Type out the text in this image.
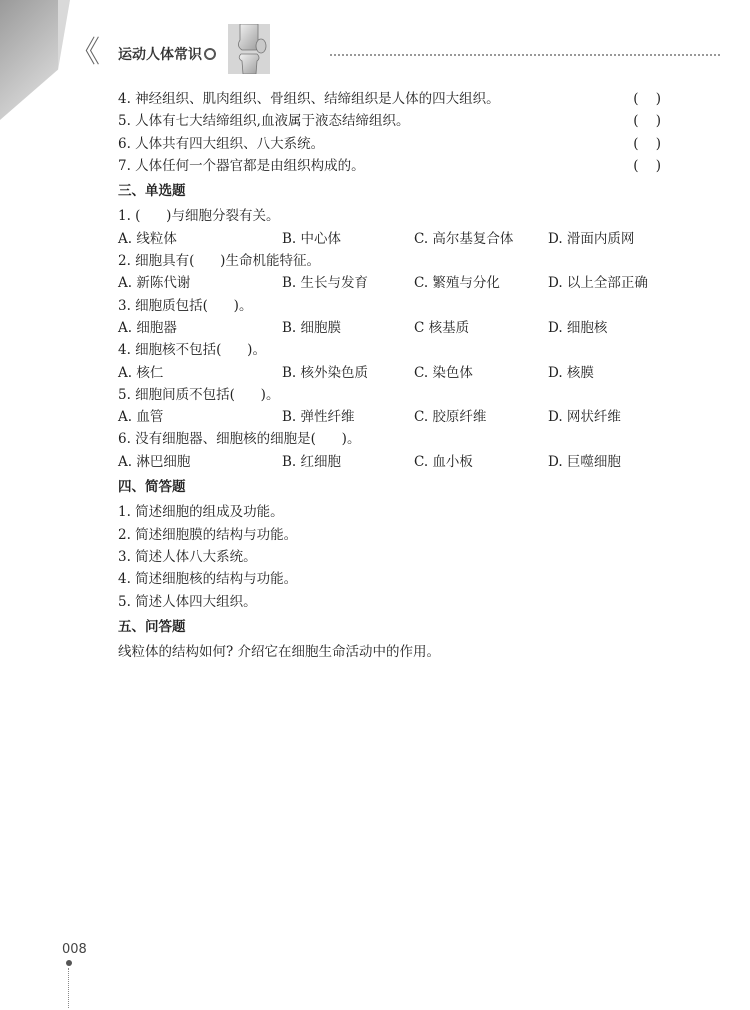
《 运动人体常识
4. 神经组织、肌肉组织、骨组织、结缔组织是人体的四大组织。	(    )
5. 人体有七大结缔组织,血液属于液态结缔组织。	(    )
6. 人体共有四大组织、八大系统。	(    )
7. 人体任何一个器官都是由组织构成的。	(    )
三、单选题
1. (      )与细胞分裂有关。
A. 线粒体	B. 中心体	C. 高尔基复合体	D. 滑面内质网
2. 细胞具有(      )生命机能特征。
A. 新陈代谢	B. 生长与发育	C. 繁殖与分化	D. 以上全部正确
3. 细胞质包括(      )。
A. 细胞器	B. 细胞膜	C 核基质	D. 细胞核
4. 细胞核不包括(      )。
A. 核仁	B. 核外染色质	C. 染色体	D. 核膜
5. 细胞间质不包括(      )。
A. 血管	B. 弹性纤维	C. 胶原纤维	D. 网状纤维
6. 没有细胞器、细胞核的细胞是(      )。
A. 淋巴细胞	B. 红细胞	C. 血小板	D. 巨噬细胞
四、简答题
1. 简述细胞的组成及功能。
2. 简述细胞膜的结构与功能。
3. 简述人体八大系统。
4. 简述细胞核的结构与功能。
5. 简述人体四大组织。
五、问答题
线粒体的结构如何? 介绍它在细胞生命活动中的作用。
008
